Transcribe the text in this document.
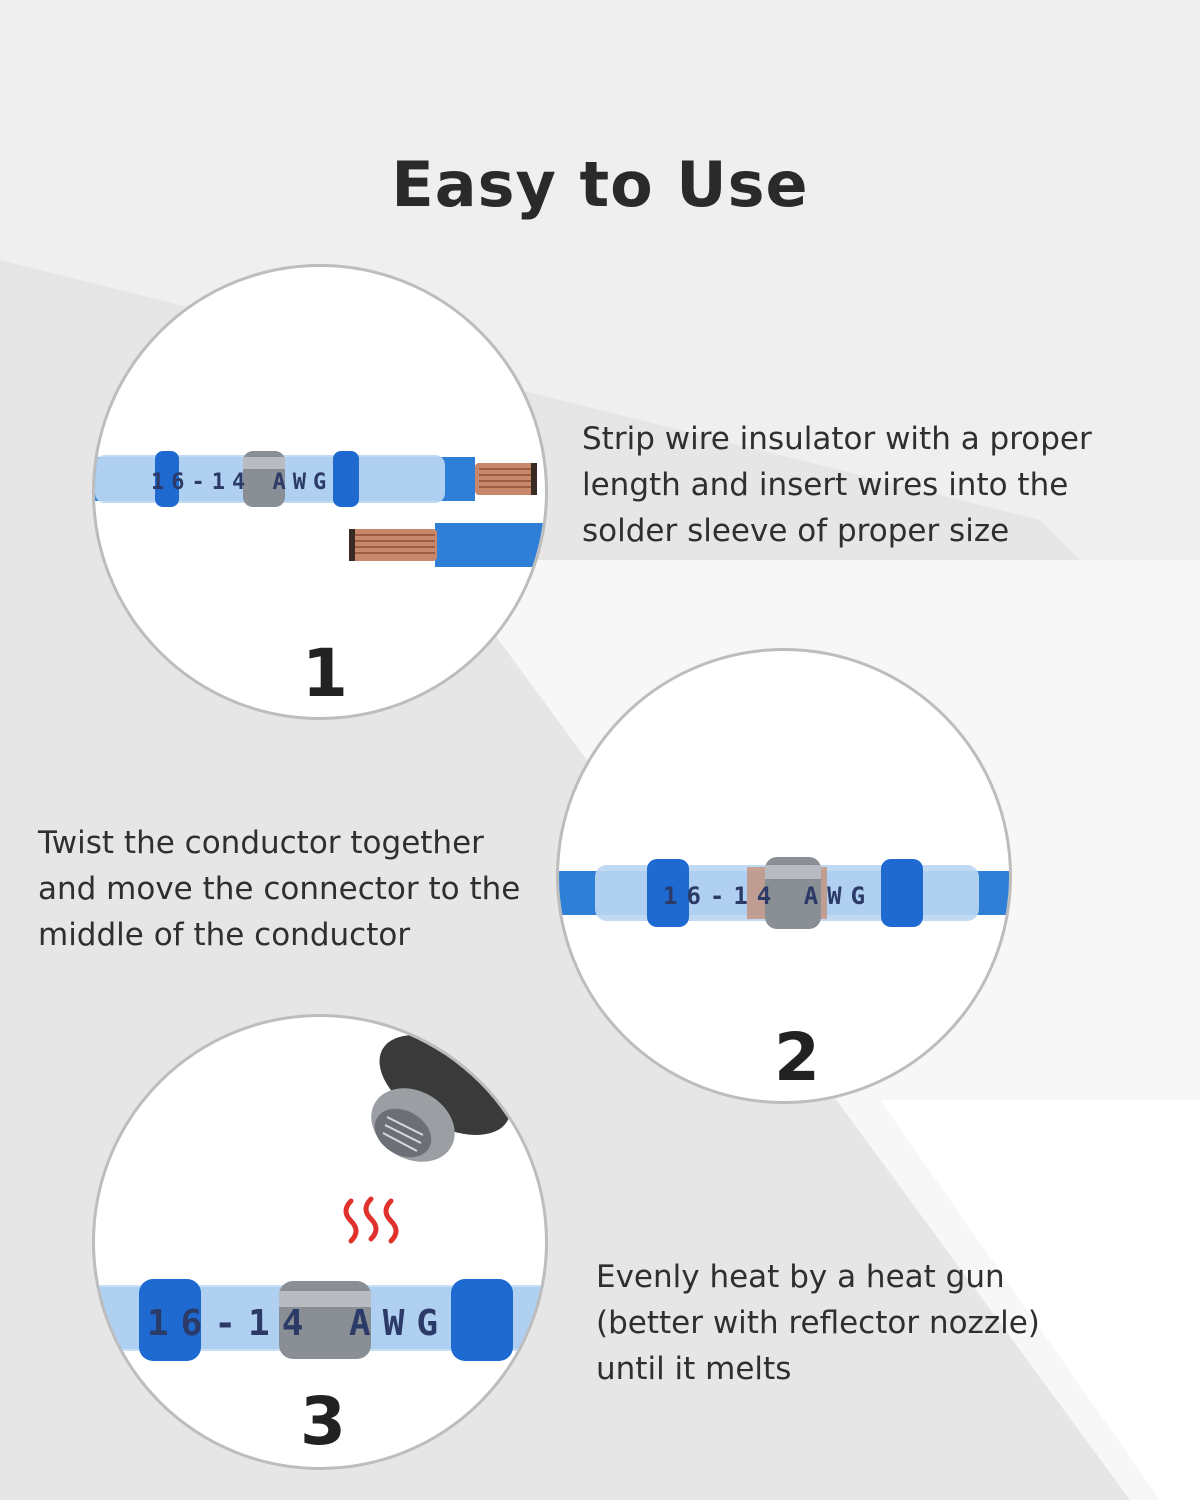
Easy to Use
16-14 AWG
1
Strip wire insulator with a proper
length and insert wires into the
solder sleeve of proper size
Twist the conductor together
and move the connector to the
middle of the conductor
16-14 AWG
2
16-14 AWG
3
Evenly heat by a heat gun
(better with reflector nozzle)
until it melts
